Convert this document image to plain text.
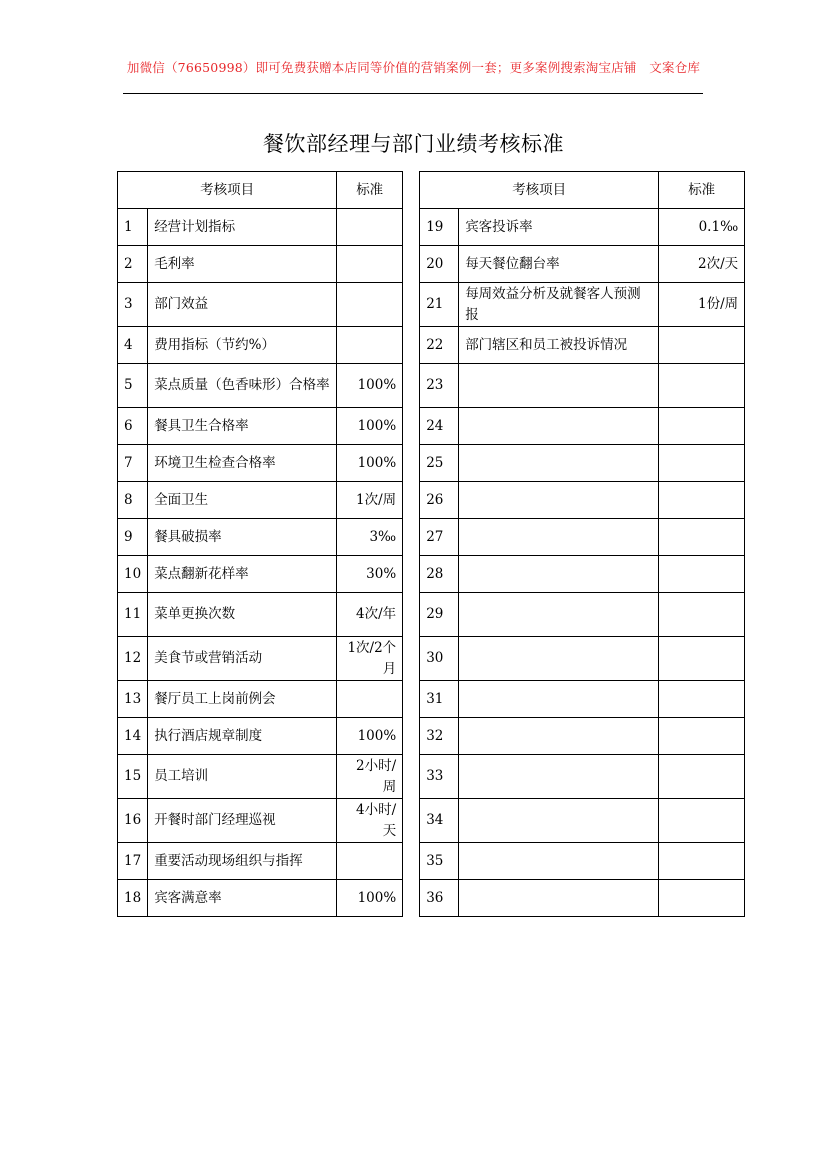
加微信（76650998）即可免费获赠本店同等价值的营销案例一套；更多案例搜索淘宝店铺　文案仓库
餐饮部经理与部门业绩考核标准
考核项目		标准		考核项目		标准
1	经营计划指标			19	宾客投诉率	0.1‰
2	毛利率			20	每天餐位翻台率	2次/天
3	部门效益			21	每周效益分析及就餐客人预测报	1份/周
4	费用指标（节约%）			22	部门辖区和员工被投诉情况	
5	菜点质量（色香味形）合格率	100%		23		
6	餐具卫生合格率	100%		24		
7	环境卫生检查合格率	100%		25		
8	全面卫生	1次/周		26		
9	餐具破损率	3‰		27		
10	菜点翻新花样率	30%		28		
11	菜单更换次数	4次/年		29		
12	美食节或营销活动	1次/2个月		30		
13	餐厅员工上岗前例会			31		
14	执行酒店规章制度	100%		32		
15	员工培训	2小时/周		33		
16	开餐时部门经理巡视	4小时/天		34		
17	重要活动现场组织与指挥			35		
18	宾客满意率	100%		36		
